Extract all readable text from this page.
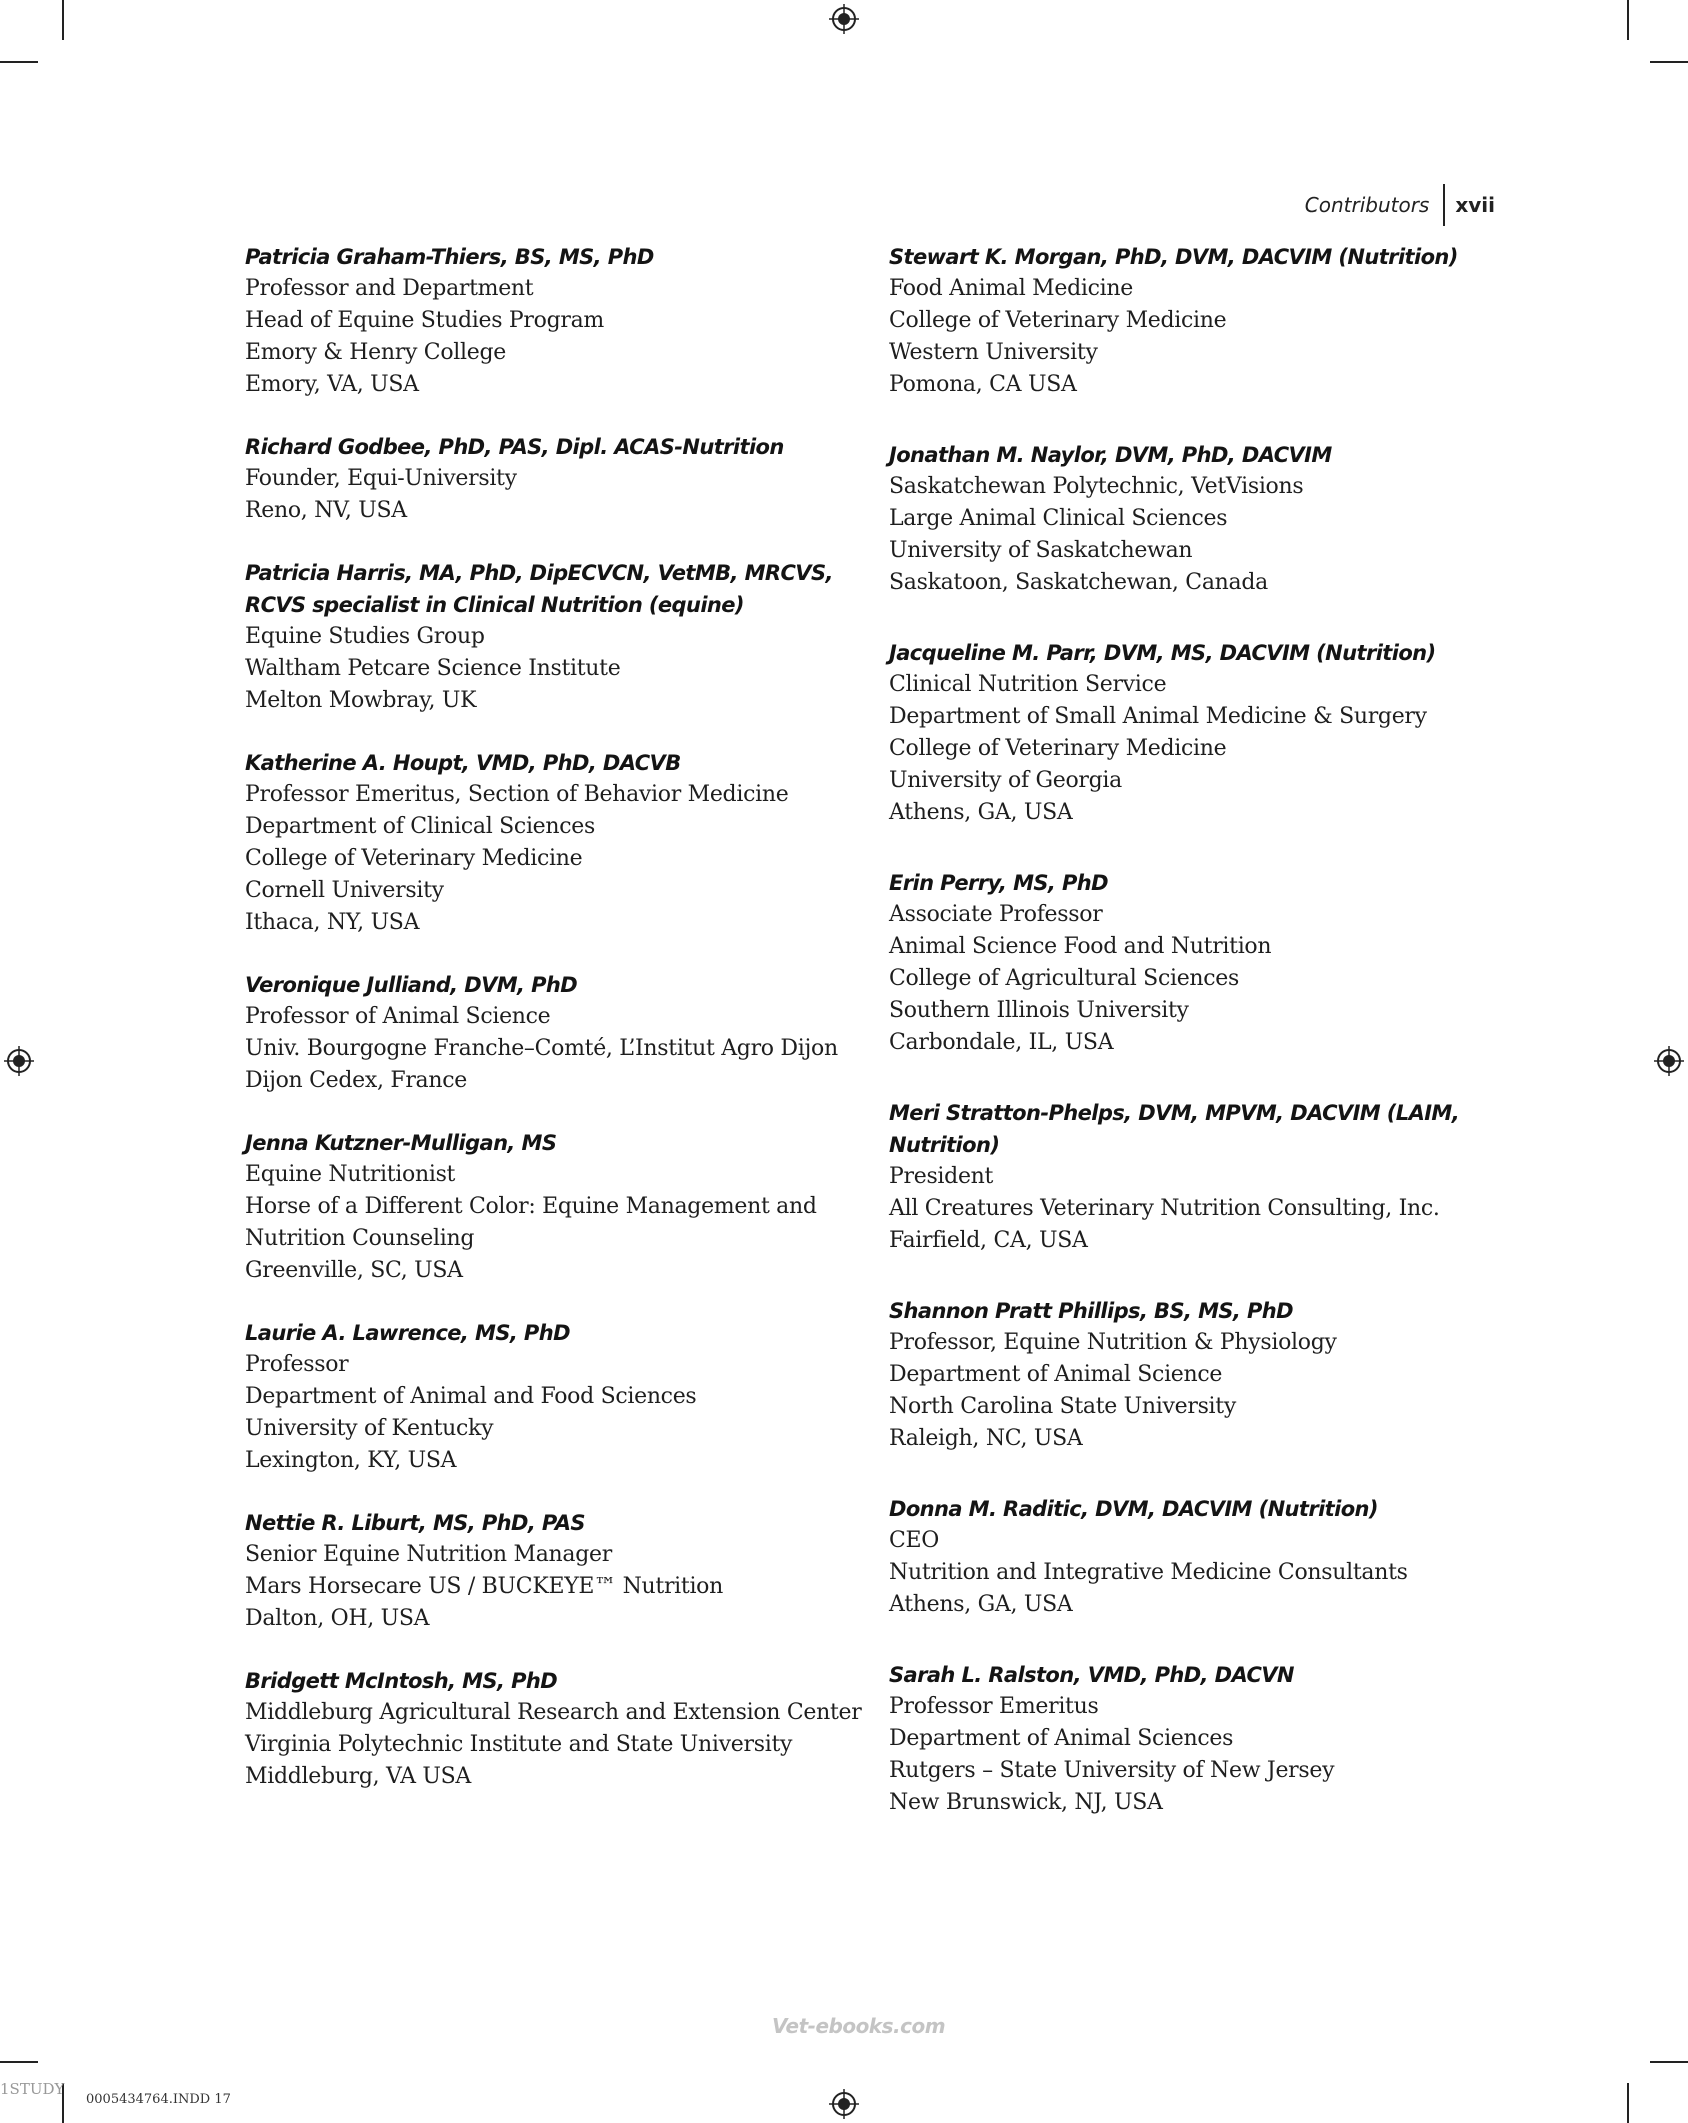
Contributors	xvii
Patricia Graham-Thiers, BS, MS, PhD
Professor and Department
Head of Equine Studies Program
Emory & Henry College
Emory, VA, USA
Richard Godbee, PhD, PAS, Dipl. ACAS-Nutrition
Founder, Equi-University
Reno, NV, USA
Patricia Harris, MA, PhD, DipECVCN, VetMB, MRCVS, RCVS specialist in Clinical Nutrition (equine)
Equine Studies Group
Waltham Petcare Science Institute
Melton Mowbray, UK
Katherine A. Houpt, VMD, PhD, DACVB
Professor Emeritus, Section of Behavior Medicine
Department of Clinical Sciences
College of Veterinary Medicine
Cornell University
Ithaca, NY, USA
Veronique Julliand, DVM, PhD
Professor of Animal Science
Univ. Bourgogne Franche–Comté, L’Institut Agro Dijon
Dijon Cedex, France
Jenna Kutzner-Mulligan, MS
Equine Nutritionist
Horse of a Different Color: Equine Management and
Nutrition Counseling
Greenville, SC, USA
Laurie A. Lawrence, MS, PhD
Professor
Department of Animal and Food Sciences
University of Kentucky
Lexington, KY, USA
Nettie R. Liburt, MS, PhD, PAS
Senior Equine Nutrition Manager
Mars Horsecare US / BUCKEYE™ Nutrition
Dalton, OH, USA
Bridgett McIntosh, MS, PhD
Middleburg Agricultural Research and Extension Center
Virginia Polytechnic Institute and State University
Middleburg, VA USA
Stewart K. Morgan, PhD, DVM, DACVIM (Nutrition)
Food Animal Medicine
College of Veterinary Medicine
Western University
Pomona, CA USA
Jonathan M. Naylor, DVM, PhD, DACVIM
Saskatchewan Polytechnic, VetVisions
Large Animal Clinical Sciences
University of Saskatchewan
Saskatoon, Saskatchewan, Canada
Jacqueline M. Parr, DVM, MS, DACVIM (Nutrition)
Clinical Nutrition Service
Department of Small Animal Medicine & Surgery
College of Veterinary Medicine
University of Georgia
Athens, GA, USA
Erin Perry, MS, PhD
Associate Professor
Animal Science Food and Nutrition
College of Agricultural Sciences
Southern Illinois University
Carbondale, IL, USA
Meri Stratton-Phelps, DVM, MPVM, DACVIM (LAIM, Nutrition)
President
All Creatures Veterinary Nutrition Consulting, Inc.
Fairfield, CA, USA
Shannon Pratt Phillips, BS, MS, PhD
Professor, Equine Nutrition & Physiology
Department of Animal Science
North Carolina State University
Raleigh, NC, USA
Donna M. Raditic, DVM, DACVIM (Nutrition)
CEO
Nutrition and Integrative Medicine Consultants
Athens, GA, USA
Sarah L. Ralston, VMD, PhD, DACVN
Professor Emeritus
Department of Animal Sciences
Rutgers – State University of New Jersey
New Brunswick, NJ, USA
Vet-ebooks.com
0005434764.INDD 17
1STUDY
